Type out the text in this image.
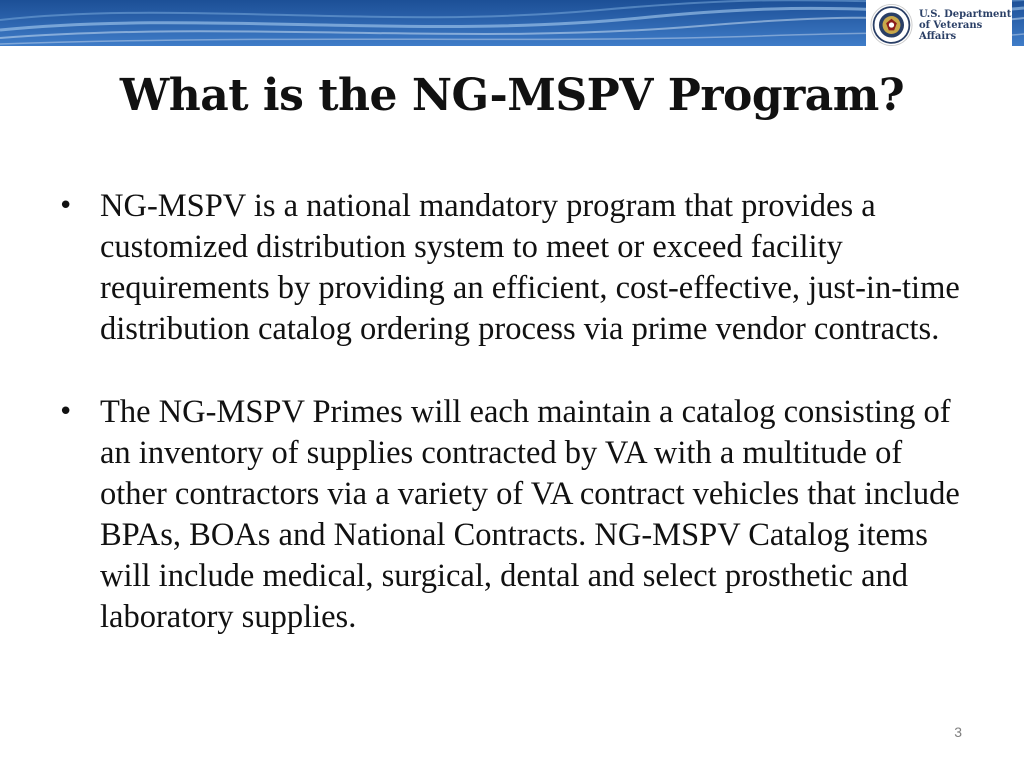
U.S. Department
of Veterans Affairs
What is the NG-MSPV Program?
• NG-MSPV is a national mandatory program that provides a customized distribution system to meet or exceed facility requirements by providing an efficient, cost-effective, just-in-time distribution catalog ordering process via prime vendor contracts.
• The NG-MSPV Primes will each maintain a catalog consisting of an inventory of supplies contracted by VA with a multitude of other contractors via a variety of VA contract vehicles that include BPAs, BOAs and National Contracts. NG-MSPV Catalog items will include medical, surgical, dental and select prosthetic and laboratory supplies.
3
